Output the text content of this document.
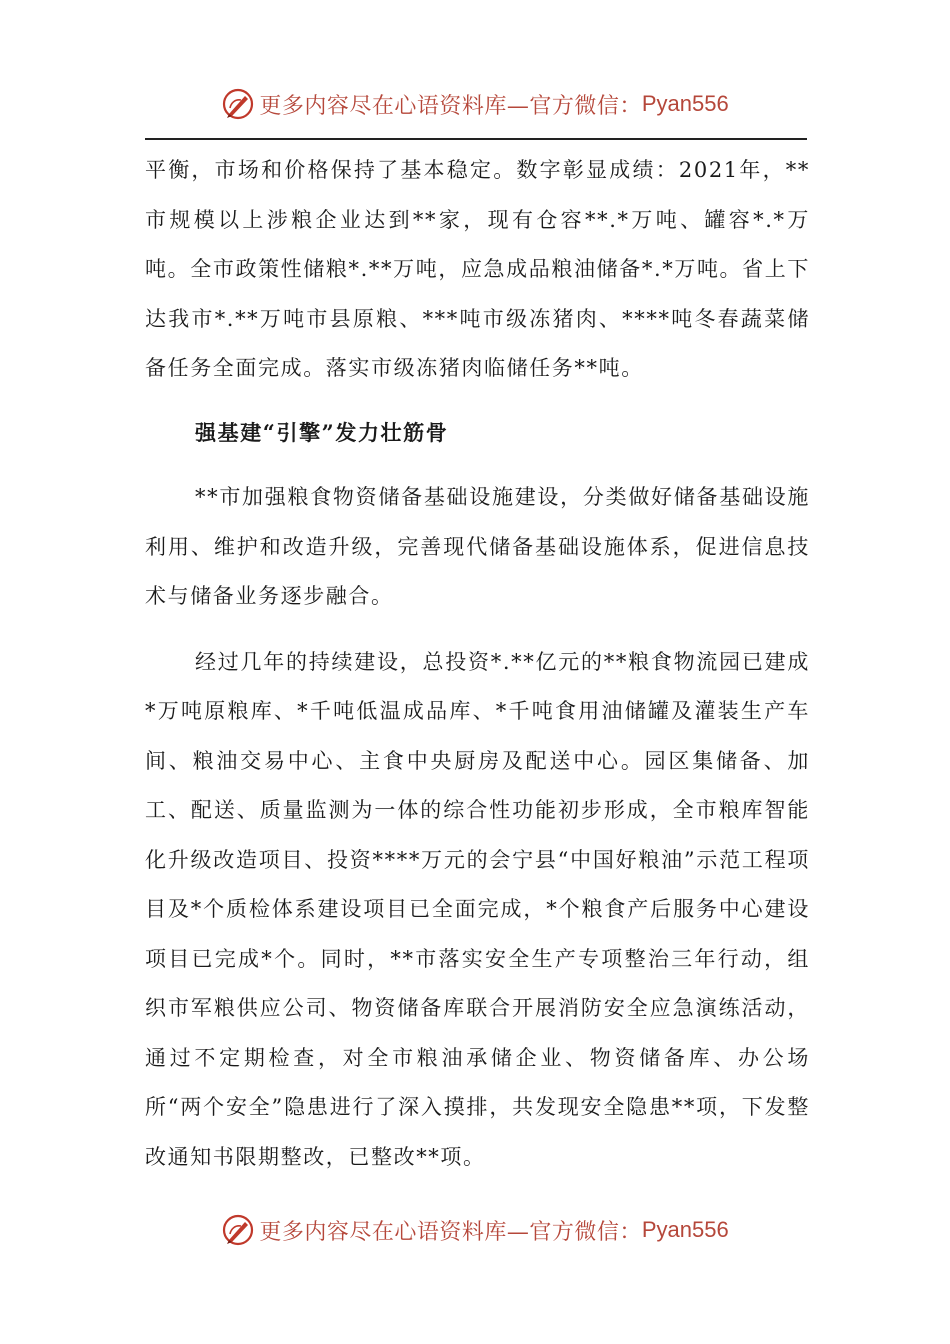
更多内容尽在心语资料库—官方微信： Pyan556

平衡，市场和价格保持了基本稳定。数字彰显成绩：2021年，**市规模以上涉粮企业达到**家，现有仓容**.*万吨、罐容*.*万吨。全市政策性储粮*.**万吨，应急成品粮油储备*.*万吨。省上下达我市*.**万吨市县原粮、***吨市级冻猪肉、****吨冬春蔬菜储备任务全面完成。落实市级冻猪肉临储任务**吨。

强基建“引擎”发力壮筋骨

**市加强粮食物资储备基础设施建设，分类做好储备基础设施利用、维护和改造升级，完善现代储备基础设施体系，促进信息技术与储备业务逐步融合。

经过几年的持续建设，总投资*.**亿元的**粮食物流园已建成*万吨原粮库、*千吨低温成品库、*千吨食用油储罐及灌装生产车间、粮油交易中心、主食中央厨房及配送中心。园区集储备、加工、配送、质量监测为一体的综合性功能初步形成，全市粮库智能化升级改造项目、投资****万元的会宁县“中国好粮油”示范工程项目及*个质检体系建设项目已全面完成，*个粮食产后服务中心建设项目已完成*个。同时，**市落实安全生产专项整治三年行动，组织市军粮供应公司、物资储备库联合开展消防安全应急演练活动，通过不定期检查，对全市粮油承储企业、物资储备库、办公场所“两个安全”隐患进行了深入摸排，共发现安全隐患**项，下发整改通知书限期整改，已整改**项。

更多内容尽在心语资料库—官方微信： Pyan556
